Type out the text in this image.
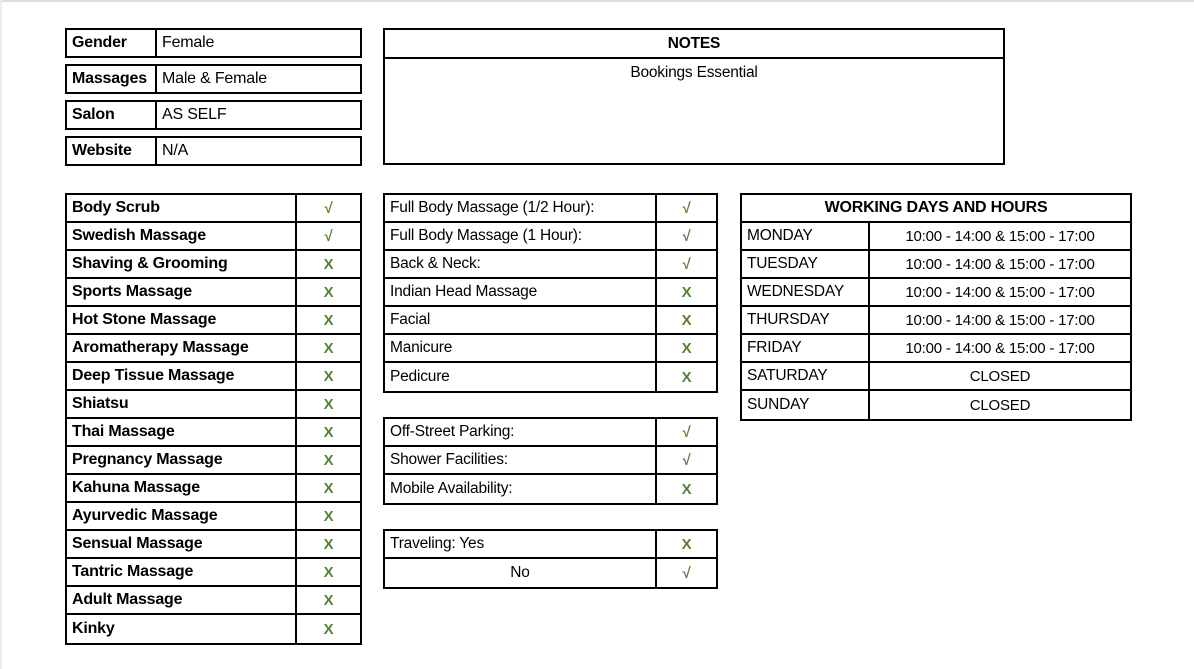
Gender	Female
Massages Male & Female
Salon	AS SELF
Website	N/A
NOTES
Bookings Essential
Body Scrub	√
Swedish Massage	√
Shaving & Grooming	X
Sports Massage	X
Hot Stone Massage	X
Aromatherapy Massage	X
Deep Tissue Massage	X
Shiatsu	X
Thai Massage	X
Pregnancy Massage	X
Kahuna Massage	X
Ayurvedic Massage	X
Sensual Massage	X
Tantric Massage	X
Adult Massage	X
Kinky	X
Full Body Massage (1/2 Hour):	√
Full Body Massage (1 Hour):	√
Back & Neck:	√
Indian Head Massage	X
Facial	X
Manicure	X
Pedicure	X
Off-Street Parking:	√
Shower Facilities:	√
Mobile Availability:	X
Traveling: Yes	X
No	√
WORKING DAYS AND HOURS
MONDAY	10:00 - 14:00 & 15:00 - 17:00
TUESDAY	10:00 - 14:00 & 15:00 - 17:00
WEDNESDAY	10:00 - 14:00 & 15:00 - 17:00
THURSDAY	10:00 - 14:00 & 15:00 - 17:00
FRIDAY	10:00 - 14:00 & 15:00 - 17:00
SATURDAY	CLOSED
SUNDAY	CLOSED
